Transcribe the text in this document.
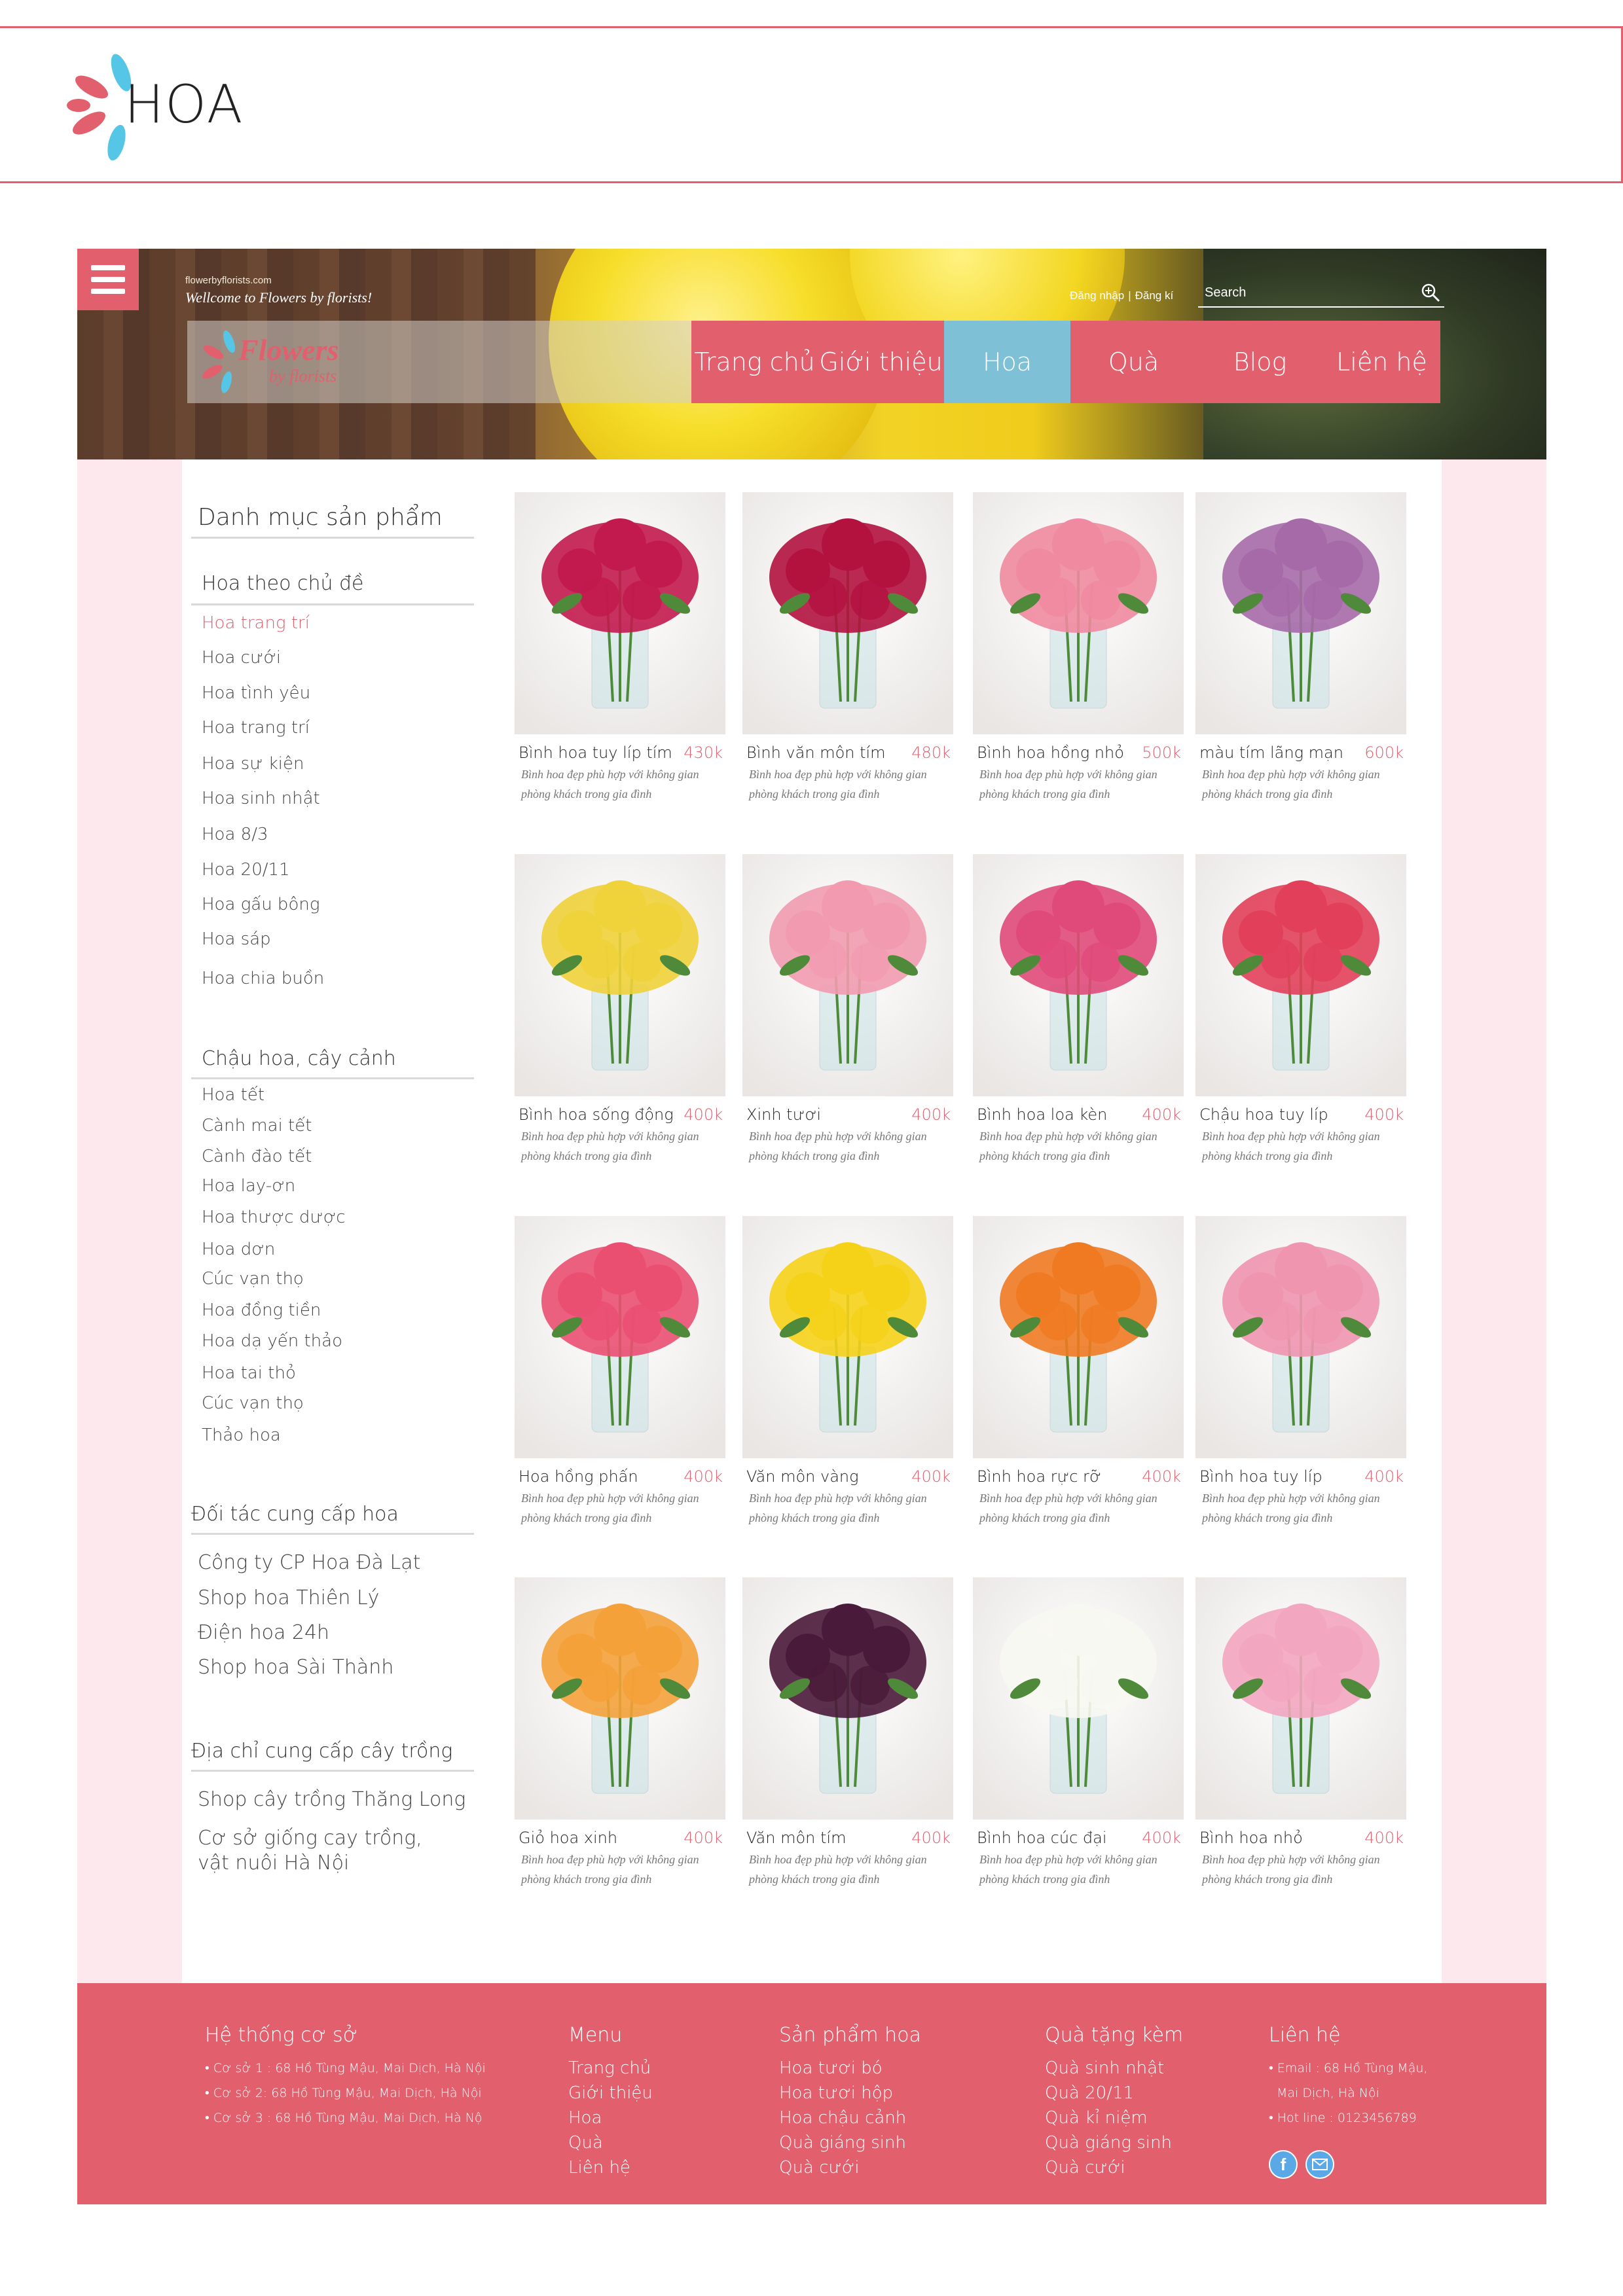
HOA
flowerbyflorists.com
Wellcome to Flowers by florists!	Đăng nhập | Đăng kí
Search
Flowers
by florists	Trang chủ Giới thiệu	Hoa	Quà	Blog	Liên hệ
Danh mục sản phẩm
Hoa theo chủ đề
Hoa trang trí
Hoa cưới
Hoa tình yêu
Hoa trang trí
Hoa sự kiện
Hoa sinh nhật
Hoa 8/3
Hoa 20/11
Hoa gấu bông
Hoa sáp
Hoa chia buồn
Chậu hoa, cây cảnh
Hoa tết
Cành mai tết
Cành đào tết
Hoa lay-ơn
Hoa thược dược
Hoa dơn
Cúc vạn thọ
Hoa đồng tiền
Hoa dạ yến thảo
Hoa tai thỏ
Cúc vạn thọ
Thảo hoa
Đối tác cung cấp hoa
Công ty CP Hoa Đà Lạt
Shop hoa Thiên Lý
Điện hoa 24h
Shop hoa Sài Thành
Địa chỉ cung cấp cây trồng
Shop cây trồng Thăng Long
Cơ sở giống cay trồng, vật nuôi Hà Nội
Bình hoa tuy líp tím 430k
Bình hoa đẹp phù hợp với không gian phòng khách trong gia đình
Bình văn môn tím 480k
Bình hoa đẹp phù hợp với không gian phòng khách trong gia đình
Bình hoa hồng nhỏ 500k
Bình hoa đẹp phù hợp với không gian phòng khách trong gia đình
màu tím lãng mạn 600k
Bình hoa đẹp phù hợp với không gian phòng khách trong gia đình
Bình hoa sống động 400k
Bình hoa đẹp phù hợp với không gian phòng khách trong gia đình
Xinh tươi	400k
Bình hoa đẹp phù hợp với không gian phòng khách trong gia đình
Bình hoa loa kèn 400k
Bình hoa đẹp phù hợp với không gian phòng khách trong gia đình
Chậu hoa tuy líp 400k
Bình hoa đẹp phù hợp với không gian phòng khách trong gia đình
Hoa hồng phấn	400k
Bình hoa đẹp phù hợp với không gian phòng khách trong gia đình
Văn môn vàng	400k
Bình hoa đẹp phù hợp với không gian phòng khách trong gia đình
Bình hoa rực rỡ	400k
Bình hoa đẹp phù hợp với không gian phòng khách trong gia đình
Bình hoa tuy líp	400k
Bình hoa đẹp phù hợp với không gian phòng khách trong gia đình
Giỏ hoa xinh	400k
Bình hoa đẹp phù hợp với không gian phòng khách trong gia đình
Văn môn tím	400k
Bình hoa đẹp phù hợp với không gian phòng khách trong gia đình
Bình hoa cúc đại 400k
Bình hoa đẹp phù hợp với không gian phòng khách trong gia đình
Bình hoa nhỏ	400k
Bình hoa đẹp phù hợp với không gian phòng khách trong gia đình
Hệ thống cơ sở
• Cơ sở 1 : 68 Hồ Tùng Mậu, Mai Dịch, Hà Nội
• Cơ sở 2: 68 Hồ Tùng Mậu, Mai Dịch, Hà Nội
• Cơ sở 3 : 68 Hồ Tùng Mậu, Mai Dịch, Hà Nộ
Menu
Trang chủ
Giới thiệu
Hoa
Quà
Liên hệ
Sản phẩm hoa
Hoa tươi bó
Hoa tươi hộp
Hoa chậu cảnh
Quà giáng sinh
Quà cưới
Quà tặng kèm
Quà sinh nhật
Quà 20/11
Quà kỉ niệm
Quà giáng sinh
Quà cưới
Liên hệ
• Email : 68 Hồ Tùng Mậu,
Mai Dịch, Hà Nội
• Hot line : 0123456789
f
